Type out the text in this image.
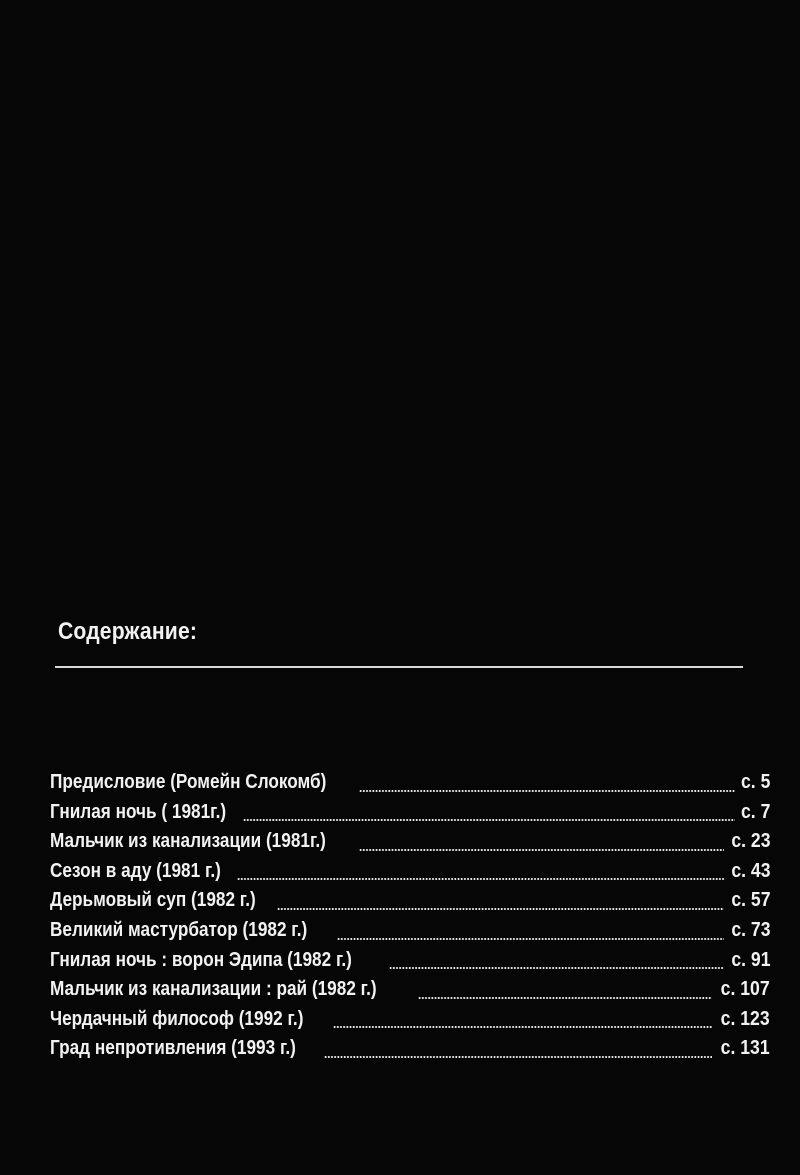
Содержание:
Предисловие (Ромейн Слокомб)	с. 5
Гнилая ночь ( 1981г.)	с. 7
Мальчик из канализации (1981г.)	с. 23
Сезон в аду (1981 г.)	с. 43
Дерьмовый суп (1982 г.)	с. 57
Великий мастурбатор (1982 г.)	с. 73
Гнилая ночь : ворон Эдипа (1982 г.)	с. 91
Мальчик из канализации : рай (1982 г.)	с. 107
Чердачный философ (1992 г.)	с. 123
Град непротивления (1993 г.)	с. 131
